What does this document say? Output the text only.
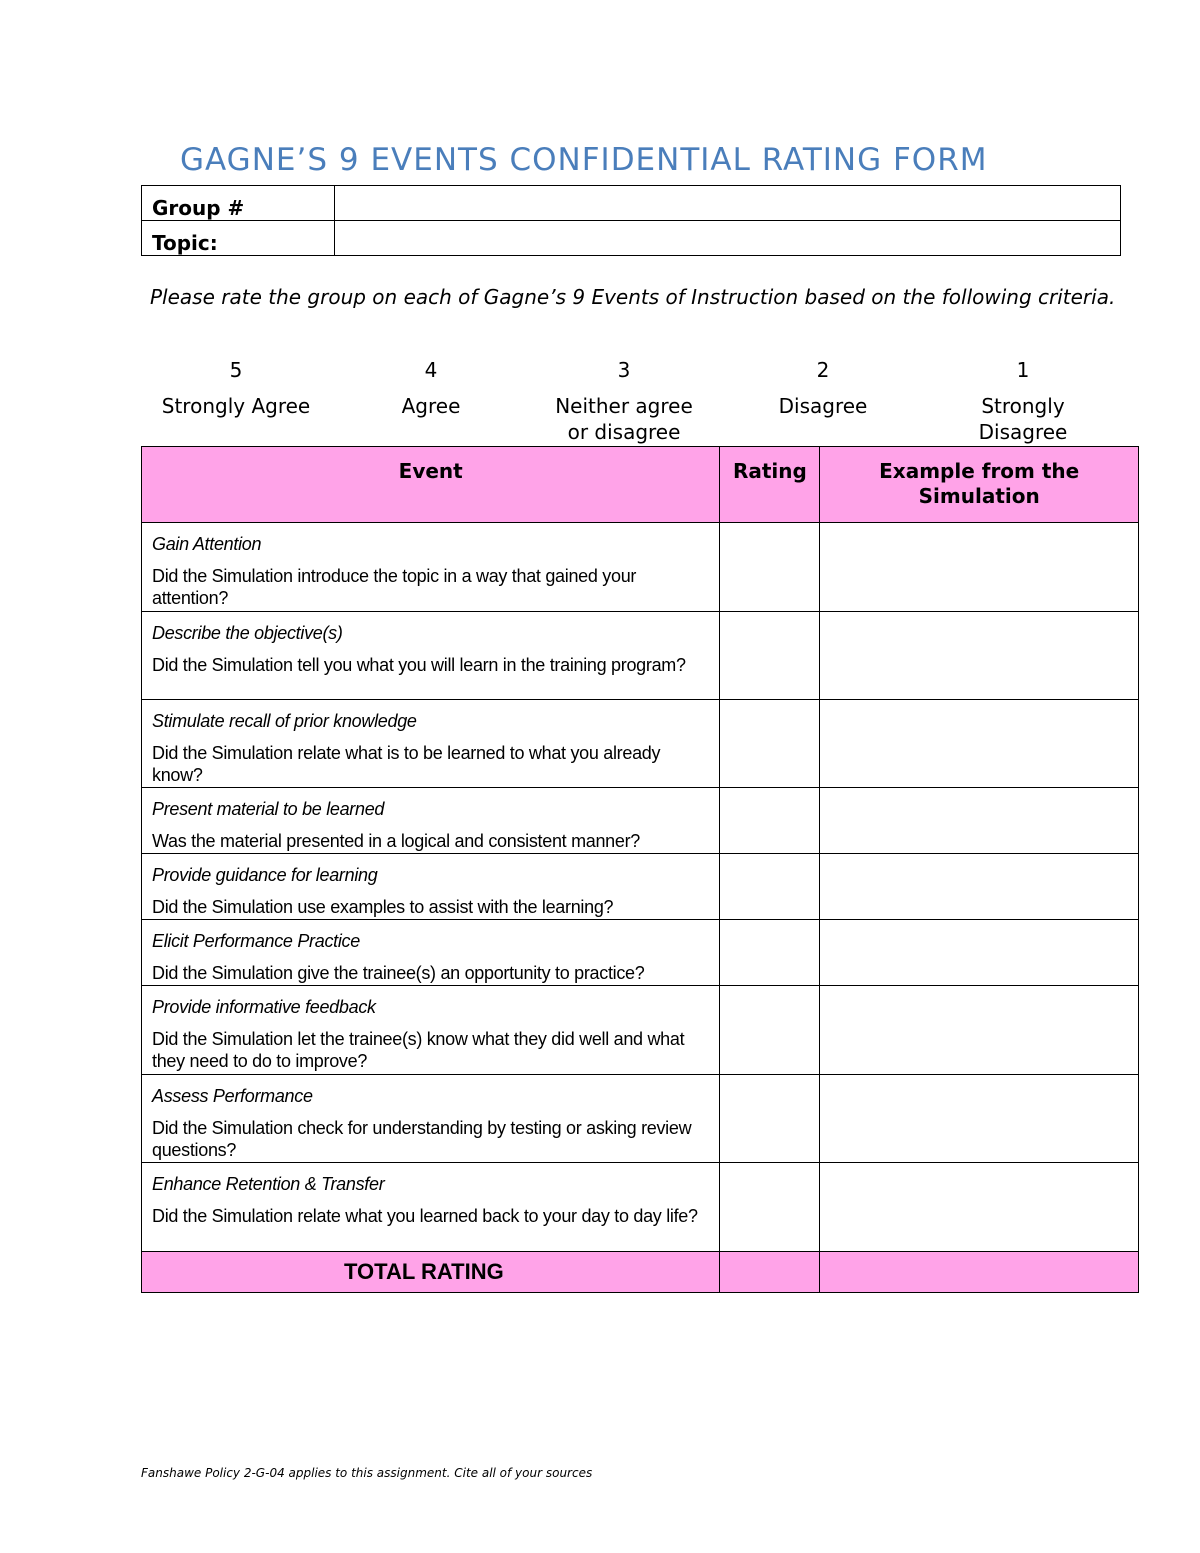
GAGNE’S 9 EVENTS CONFIDENTIAL RATING FORM
Group #	
Topic:	
Please rate the group on each of Gagne’s 9 Events of Instruction based on the following criteria.
5
Strongly Agree
4
Agree
3
Neither agree or disagree
2
Disagree
1
Strongly Disagree
Event	Rating	Example from the Simulation

Gain Attention
Did the Simulation introduce the topic in a way that gained your attention?		

Describe the objective(s)
Did the Simulation tell you what you will learn in the training program?		

Stimulate recall of prior knowledge
Did the Simulation relate what is to be learned to what you already know?		

Present material to be learned
Was the material presented in a logical and consistent manner?		

Provide guidance for learning
Did the Simulation use examples to assist with the learning?		

Elicit Performance Practice
Did the Simulation give the trainee(s) an opportunity to practice?		

Provide informative feedback
Did the Simulation let the trainee(s) know what they did well and what they need to do to improve?		

Assess Performance
Did the Simulation check for understanding by testing or asking review questions?		

Enhance Retention & Transfer
Did the Simulation relate what you learned back to your day to day life?		

TOTAL RATING		
Fanshawe Policy 2-G-04 applies to this assignment. Cite all of your sources
